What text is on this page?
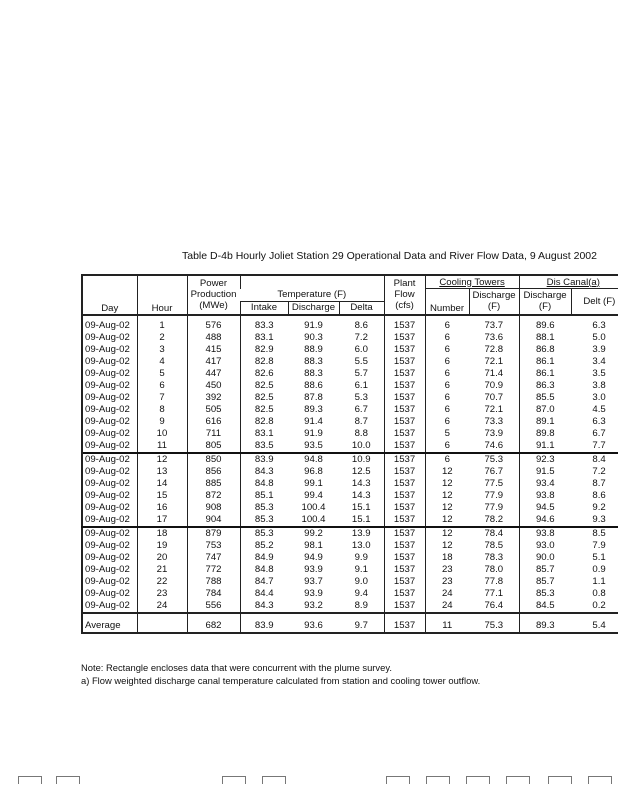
Table D-4b Hourly Joliet Station 29 Operational Data and River Flow Data, 9 August 2002
Day	Hour	Power Production (MWe)				Plant Flow (cfs)	Cooling Towers		Dis Canal(a)	
			Temperature (F)				Number	Discharge (F)	Discharge (F)	Delt (F)
			Intake	Discharge	Delta					
09-Aug-02	1	576	83.3	91.9	8.6	1537	6	73.7	89.6	6.3
09-Aug-02	2	488	83.1	90.3	7.2	1537	6	73.6	88.1	5.0
09-Aug-02	3	415	82.9	88.9	6.0	1537	6	72.8	86.8	3.9
09-Aug-02	4	417	82.8	88.3	5.5	1537	6	72.1	86.1	3.4
09-Aug-02	5	447	82.6	88.3	5.7	1537	6	71.4	86.1	3.5
09-Aug-02	6	450	82.5	88.6	6.1	1537	6	70.9	86.3	3.8
09-Aug-02	7	392	82.5	87.8	5.3	1537	6	70.7	85.5	3.0
09-Aug-02	8	505	82.5	89.3	6.7	1537	6	72.1	87.0	4.5
09-Aug-02	9	616	82.8	91.4	8.7	1537	6	73.3	89.1	6.3
09-Aug-02	10	711	83.1	91.9	8.8	1537	5	73.9	89.8	6.7
09-Aug-02	11	805	83.5	93.5	10.0	1537	6	74.6	91.1	7.7
09-Aug-02	12	850	83.9	94.8	10.9	1537	6	75.3	92.3	8.4
09-Aug-02	13	856	84.3	96.8	12.5	1537	12	76.7	91.5	7.2
09-Aug-02	14	885	84.8	99.1	14.3	1537	12	77.5	93.4	8.7
09-Aug-02	15	872	85.1	99.4	14.3	1537	12	77.9	93.8	8.6
09-Aug-02	16	908	85.3	100.4	15.1	1537	12	77.9	94.5	9.2
09-Aug-02	17	904	85.3	100.4	15.1	1537	12	78.2	94.6	9.3
09-Aug-02	18	879	85.3	99.2	13.9	1537	12	78.4	93.8	8.5
09-Aug-02	19	753	85.2	98.1	13.0	1537	12	78.5	93.0	7.9
09-Aug-02	20	747	84.9	94.9	9.9	1537	18	78.3	90.0	5.1
09-Aug-02	21	772	84.8	93.9	9.1	1537	23	78.0	85.7	0.9
09-Aug-02	22	788	84.7	93.7	9.0	1537	23	77.8	85.7	1.1
09-Aug-02	23	784	84.4	93.9	9.4	1537	24	77.1	85.3	0.8
09-Aug-02	24	556	84.3	93.2	8.9	1537	24	76.4	84.5	0.2
Average		682	83.9	93.6	9.7	1537	11	75.3	89.3	5.4
Note: Rectangle encloses data that were concurrent with the plume survey.
a) Flow weighted discharge canal temperature calculated from station and cooling tower outflow.
